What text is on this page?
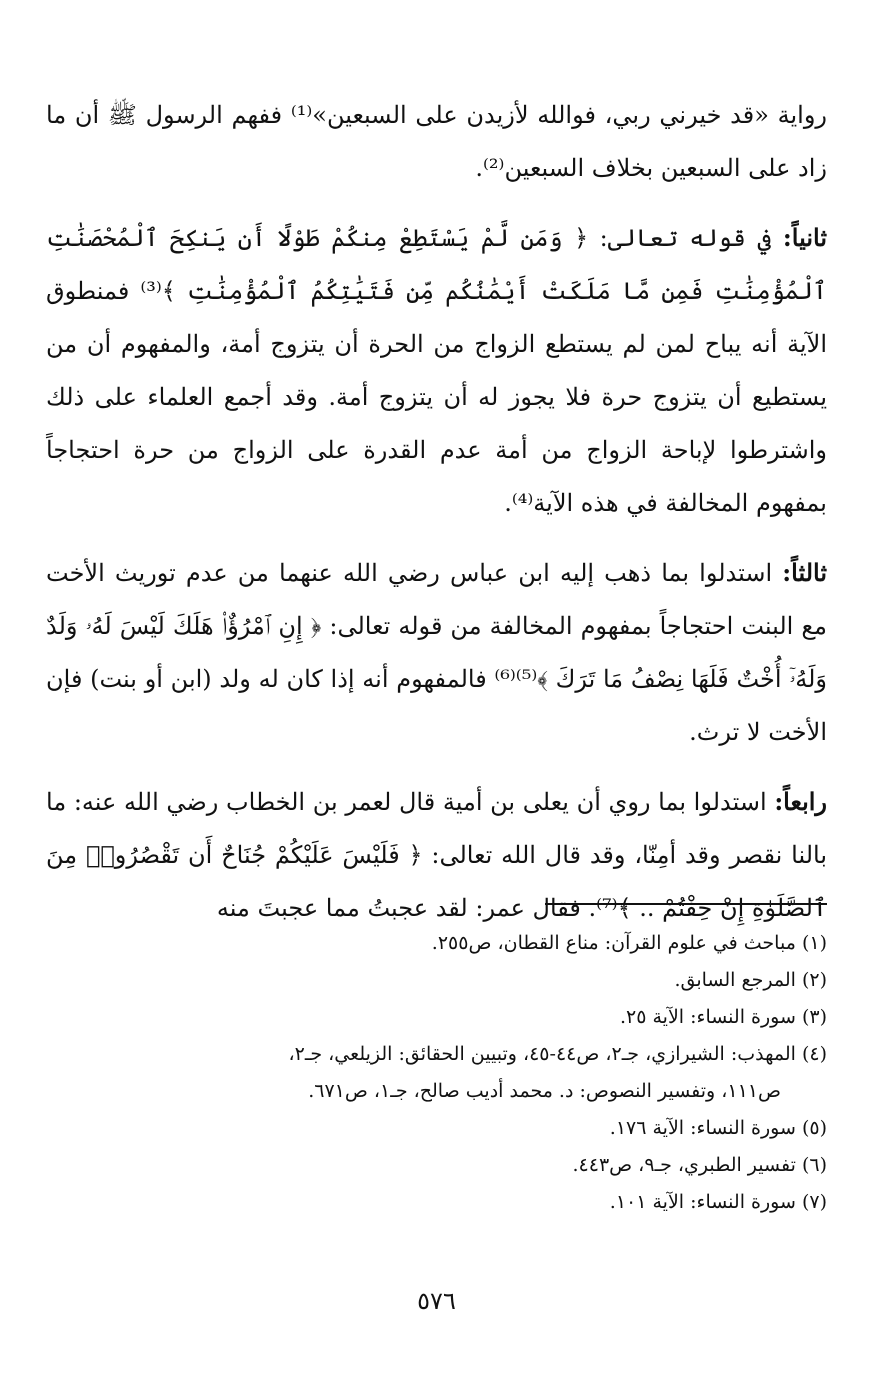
رواية «قد خيرني ربي، فوالله لأزيدن على السبعين»⁽¹⁾ ففهم الرسول ﷺ أن ما زاد على السبعين بخلاف السبعين⁽²⁾.

ثانياً: في قوله تعالى: ﴿ وَمَن لَّمْ يَسْتَطِعْ مِنكُمْ طَوْلًا أَن يَنكِحَ ٱلْمُحْصَنَٰتِ ٱلْمُؤْمِنَٰتِ فَمِن مَّا مَلَكَتْ أَيْمَٰنُكُم مِّن فَتَيَٰتِكُمُ ٱلْمُؤْمِنَٰتِ ﴾⁽³⁾ فمنطوق الآية أنه يباح لمن لم يستطع الزواج من الحرة أن يتزوج أمة، والمفهوم أن من يستطيع أن يتزوج حرة فلا يجوز له أن يتزوج أمة. وقد أجمع العلماء على ذلك واشترطوا لإباحة الزواج من أمة عدم القدرة على الزواج من حرة احتجاجاً بمفهوم المخالفة في هذه الآية⁽⁴⁾.

ثالثاً: استدلوا بما ذهب إليه ابن عباس رضي الله عنهما من عدم توريث الأخت مع البنت احتجاجاً بمفهوم المخالفة من قوله تعالى: ﴿ إِنِ ٱمْرُؤٌا۟ هَلَكَ لَيْسَ لَهُۥ وَلَدٌ وَلَهُۥٓ أُخْتٌ فَلَهَا نِصْفُ مَا تَرَكَ ﴾⁽⁵⁾⁽⁶⁾ فالمفهوم أنه إذا كان له ولد (ابن أو بنت) فإن الأخت لا ترث.

رابعاً: استدلوا بما روي أن يعلى بن أمية قال لعمر بن الخطاب رضي الله عنه: ما بالنا نقصر وقد أمِنّا، وقد قال الله تعالى: ﴿ فَلَيْسَ عَلَيْكُمْ جُنَاحٌ أَن تَقْصُرُوا۟ مِنَ ٱلصَّلَوٰةِ إِنْ خِفْتُمْ .. ﴾⁽⁷⁾. فقال عمر: لقد عجبتُ مما عجبتَ منه

(١) مباحث في علوم القرآن: مناع القطان، ص٢٥٥.
(٢) المرجع السابق.
(٣) سورة النساء: الآية ٢٥.
(٤) المهذب: الشيرازي، جـ٢، ص٤٤-٤٥، وتبيين الحقائق: الزيلعي، جـ٢،
ص١١١، وتفسير النصوص: د. محمد أديب صالح، جـ١، ص٦٧١.
(٥) سورة النساء: الآية ١٧٦.
(٦) تفسير الطبري، جـ٩، ص٤٤٣.
(٧) سورة النساء: الآية ١٠١.
٥٧٦
